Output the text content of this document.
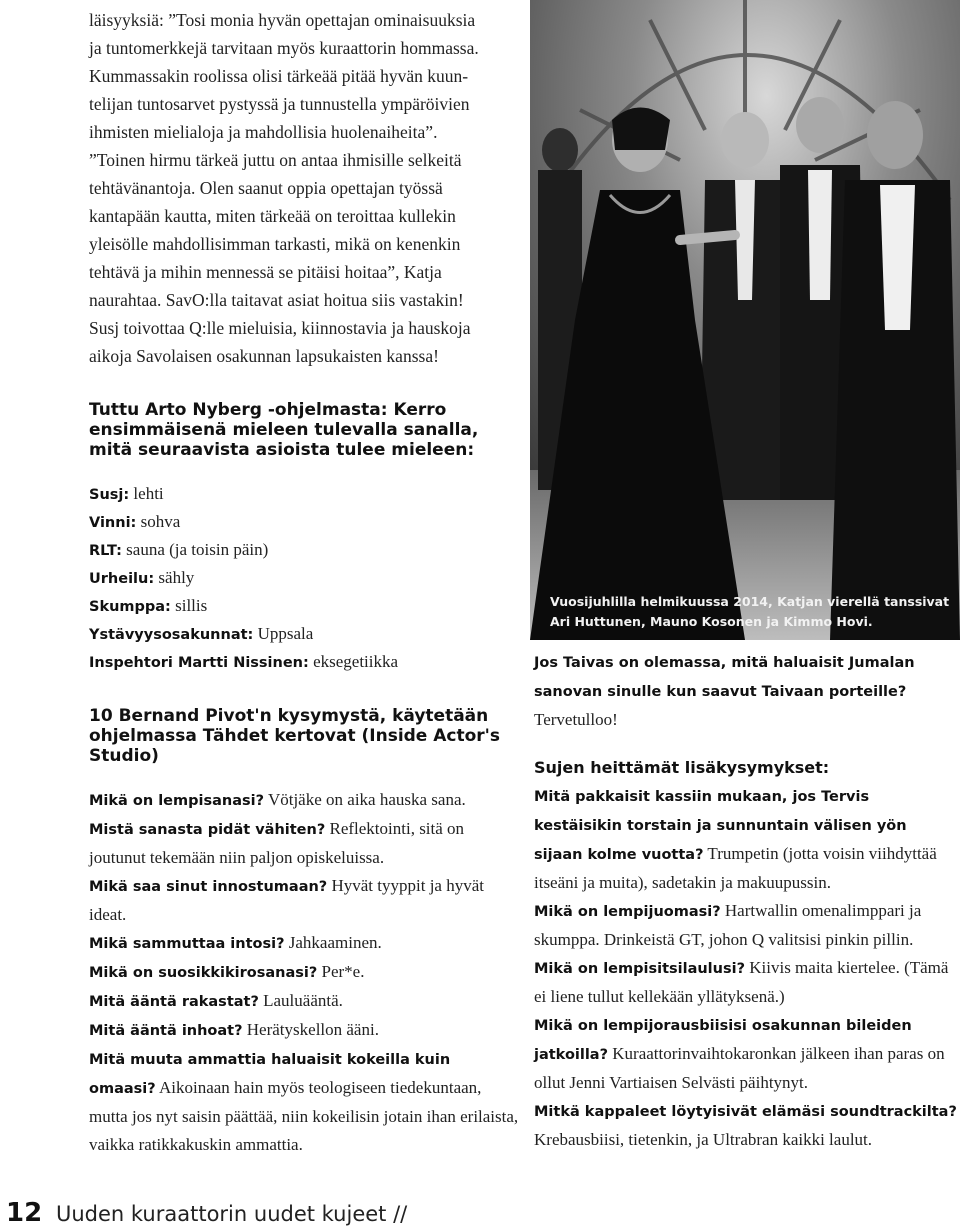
läisyyksiä: ”Tosi monia hyvän opettajan ominaisuuksia
ja tuntomerkkejä tarvitaan myös kuraattorin hommassa.
Kummassakin roolissa olisi tärkeää pitää hyvän kuun-
telijan tuntosarvet pystyssä ja tunnustella ympäröivien
ihmisten mielialoja ja mahdollisia huolenaiheita”.
”Toinen hirmu tärkeä juttu on antaa ihmisille selkeitä
tehtävänantoja. Olen saanut oppia opettajan työssä
kantapään kautta, miten tärkeää on teroittaa kullekin
yleisölle mahdollisimman tarkasti, mikä on kenenkin
tehtävä ja mihin mennessä se pitäisi hoitaa”, Katja
naurahtaa. SavO:lla taitavat asiat hoitua siis vastakin!
Susj toivottaa Q:lle mieluisia, kiinnostavia ja hauskoja
aikoja Savolaisen osakunnan lapsukaisten kanssa!

Tuttu Arto Nyberg -ohjelmasta: Kerro ensimmäisenä mieleen tulevalla sanalla, mitä seuraavista asioista tulee mieleen:
Susj: lehti
Vinni: sohva
RLT: sauna (ja toisin päin)
Urheilu: sähly
Skumppa: sillis
Ystävyysosakunnat: Uppsala
Inspehtori Martti Nissinen: eksegetiikka
10 Bernand Pivot'n kysymystä, käytetään ohjelmassa Tähdet kertovat (Inside Actor's Studio)

Mikä on lempisanasi? Vötjäke on aika hauska sana.

Mistä sanasta pidät vähiten? Reflektointi, sitä on joutunut tekemään niin paljon opiskeluissa.

Mikä saa sinut innostumaan? Hyvät tyyppit ja hyvät ideat.

Mikä sammuttaa intosi? Jahkaaminen.

Mikä on suosikkikirosanasi? Per*e.

Mitä ääntä rakastat? Lauluääntä.

Mitä ääntä inhoat? Herätyskellon ääni.

Mitä muuta ammattia haluaisit kokeilla kuin omaasi? Aikoinaan hain myös teologiseen tiedekuntaan, mutta jos nyt saisin päättää, niin kokeilisin jotain ihan erilaista, vaikka ratikkakuskin ammattia.

Vuosijuhlilla helmikuussa 2014, Katjan vierellä tanssivat Ari Huttunen, Mauno Kosonen ja Kimmo Hovi.

Jos Taivas on olemassa, mitä haluaisit Jumalan sanovan sinulle kun saavut Taivaan porteille? Tervetulloo!

Sujen heittämät lisäkysymykset:

Mitä pakkaisit kassiin mukaan, jos Tervis kestäisikin torstain ja sunnuntain välisen yön sijaan kolme vuotta? Trumpetin (jotta voisin viihdyttää itseäni ja muita), sadetakin ja makuupussin.

Mikä on lempijuomasi? Hartwallin omenalimppari ja skumppa. Drinkeistä GT, johon Q valitsisi pinkin pillin.

Mikä on lempisitsilaulusi? Kiivis maita kiertelee. (Tämä ei liene tullut kellekään yllätyksenä.)

Mikä on lempijorausbiisisi osakunnan bileiden jatkoilla? Kuraattorinvaihtokaronkan jälkeen ihan paras on ollut Jenni Vartiaisen Selvästi päihtynyt.

Mitkä kappaleet löytyisivät elämäsi soundtrackilta? Krebausbiisi, tietenkin, ja Ultrabran kaikki laulut.

12 Uuden kuraattorin uudet kujeet //
